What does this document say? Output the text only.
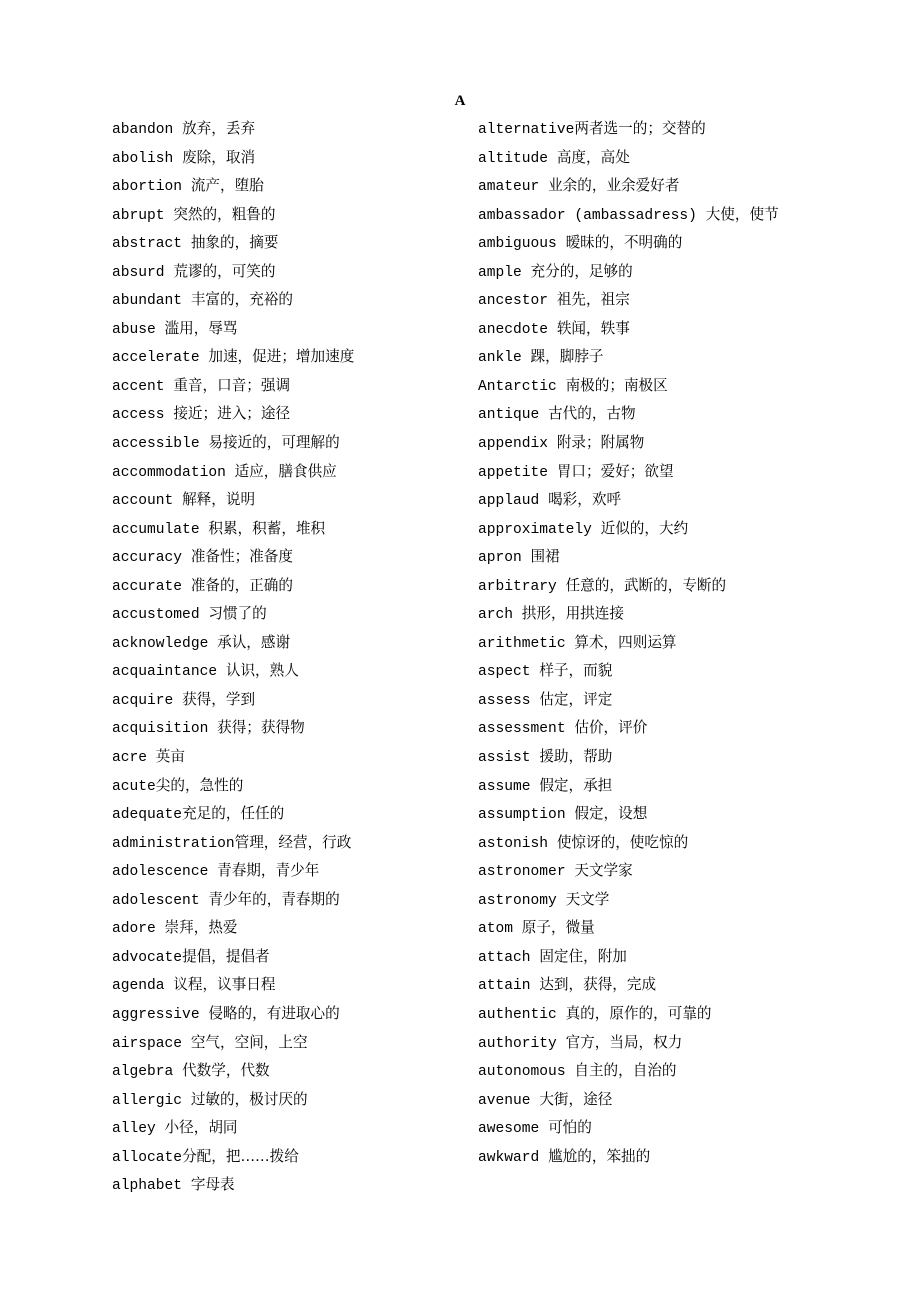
A
abandon 放弃，丢弃
abolish 废除，取消
abortion 流产，堕胎
abrupt 突然的，粗鲁的
abstract 抽象的，摘要
absurd 荒谬的，可笑的
abundant 丰富的，充裕的
abuse 滥用，辱骂
accelerate 加速，促进；增加速度
accent 重音，口音；强调
access 接近；进入；途径
accessible 易接近的，可理解的
accommodation 适应，膳食供应
account 解释，说明
accumulate 积累，积蓄，堆积
accuracy 准备性；准备度
accurate 准备的，正确的
accustomed 习惯了的
acknowledge 承认，感谢
acquaintance 认识，熟人
acquire 获得，学到
acquisition 获得；获得物
acre 英亩
acute尖的，急性的
adequate充足的，任任的
administration管理，经营，行政
adolescence 青春期，青少年
adolescent 青少年的，青春期的
adore 崇拜，热爱
advocate提倡，提倡者
agenda 议程，议事日程
aggressive 侵略的，有进取心的
airspace 空气，空间，上空
algebra 代数学，代数
allergic 过敏的，极讨厌的
alley 小径，胡同
allocate分配，把……拨给
alphabet 字母表
alternative两者选一的；交替的
altitude 高度，高处
amateur 业余的，业余爱好者
ambassador (ambassadress) 大使，使节
ambiguous 暧昧的，不明确的
ample 充分的，足够的
ancestor 祖先，祖宗
anecdote 轶闻，轶事
ankle 踝，脚脖子
Antarctic 南极的；南极区
antique 古代的，古物
appendix 附录；附属物
appetite 胃口；爱好；欲望
applaud 喝彩，欢呼
approximately 近似的，大约
apron 围裙
arbitrary 任意的，武断的，专断的
arch 拱形，用拱连接
arithmetic 算术，四则运算
aspect 样子，而貌
assess 估定，评定
assessment 估价，评价
assist 援助，帮助
assume 假定，承担
assumption 假定，设想
astonish 使惊讶的，使吃惊的
astronomer 天文学家
astronomy 天文学
atom 原子，微量
attach 固定住，附加
attain 达到，获得，完成
authentic 真的，原作的，可靠的
authority 官方，当局，权力
autonomous 自主的，自治的
avenue 大街，途径
awesome 可怕的
awkward 尴尬的，笨拙的
